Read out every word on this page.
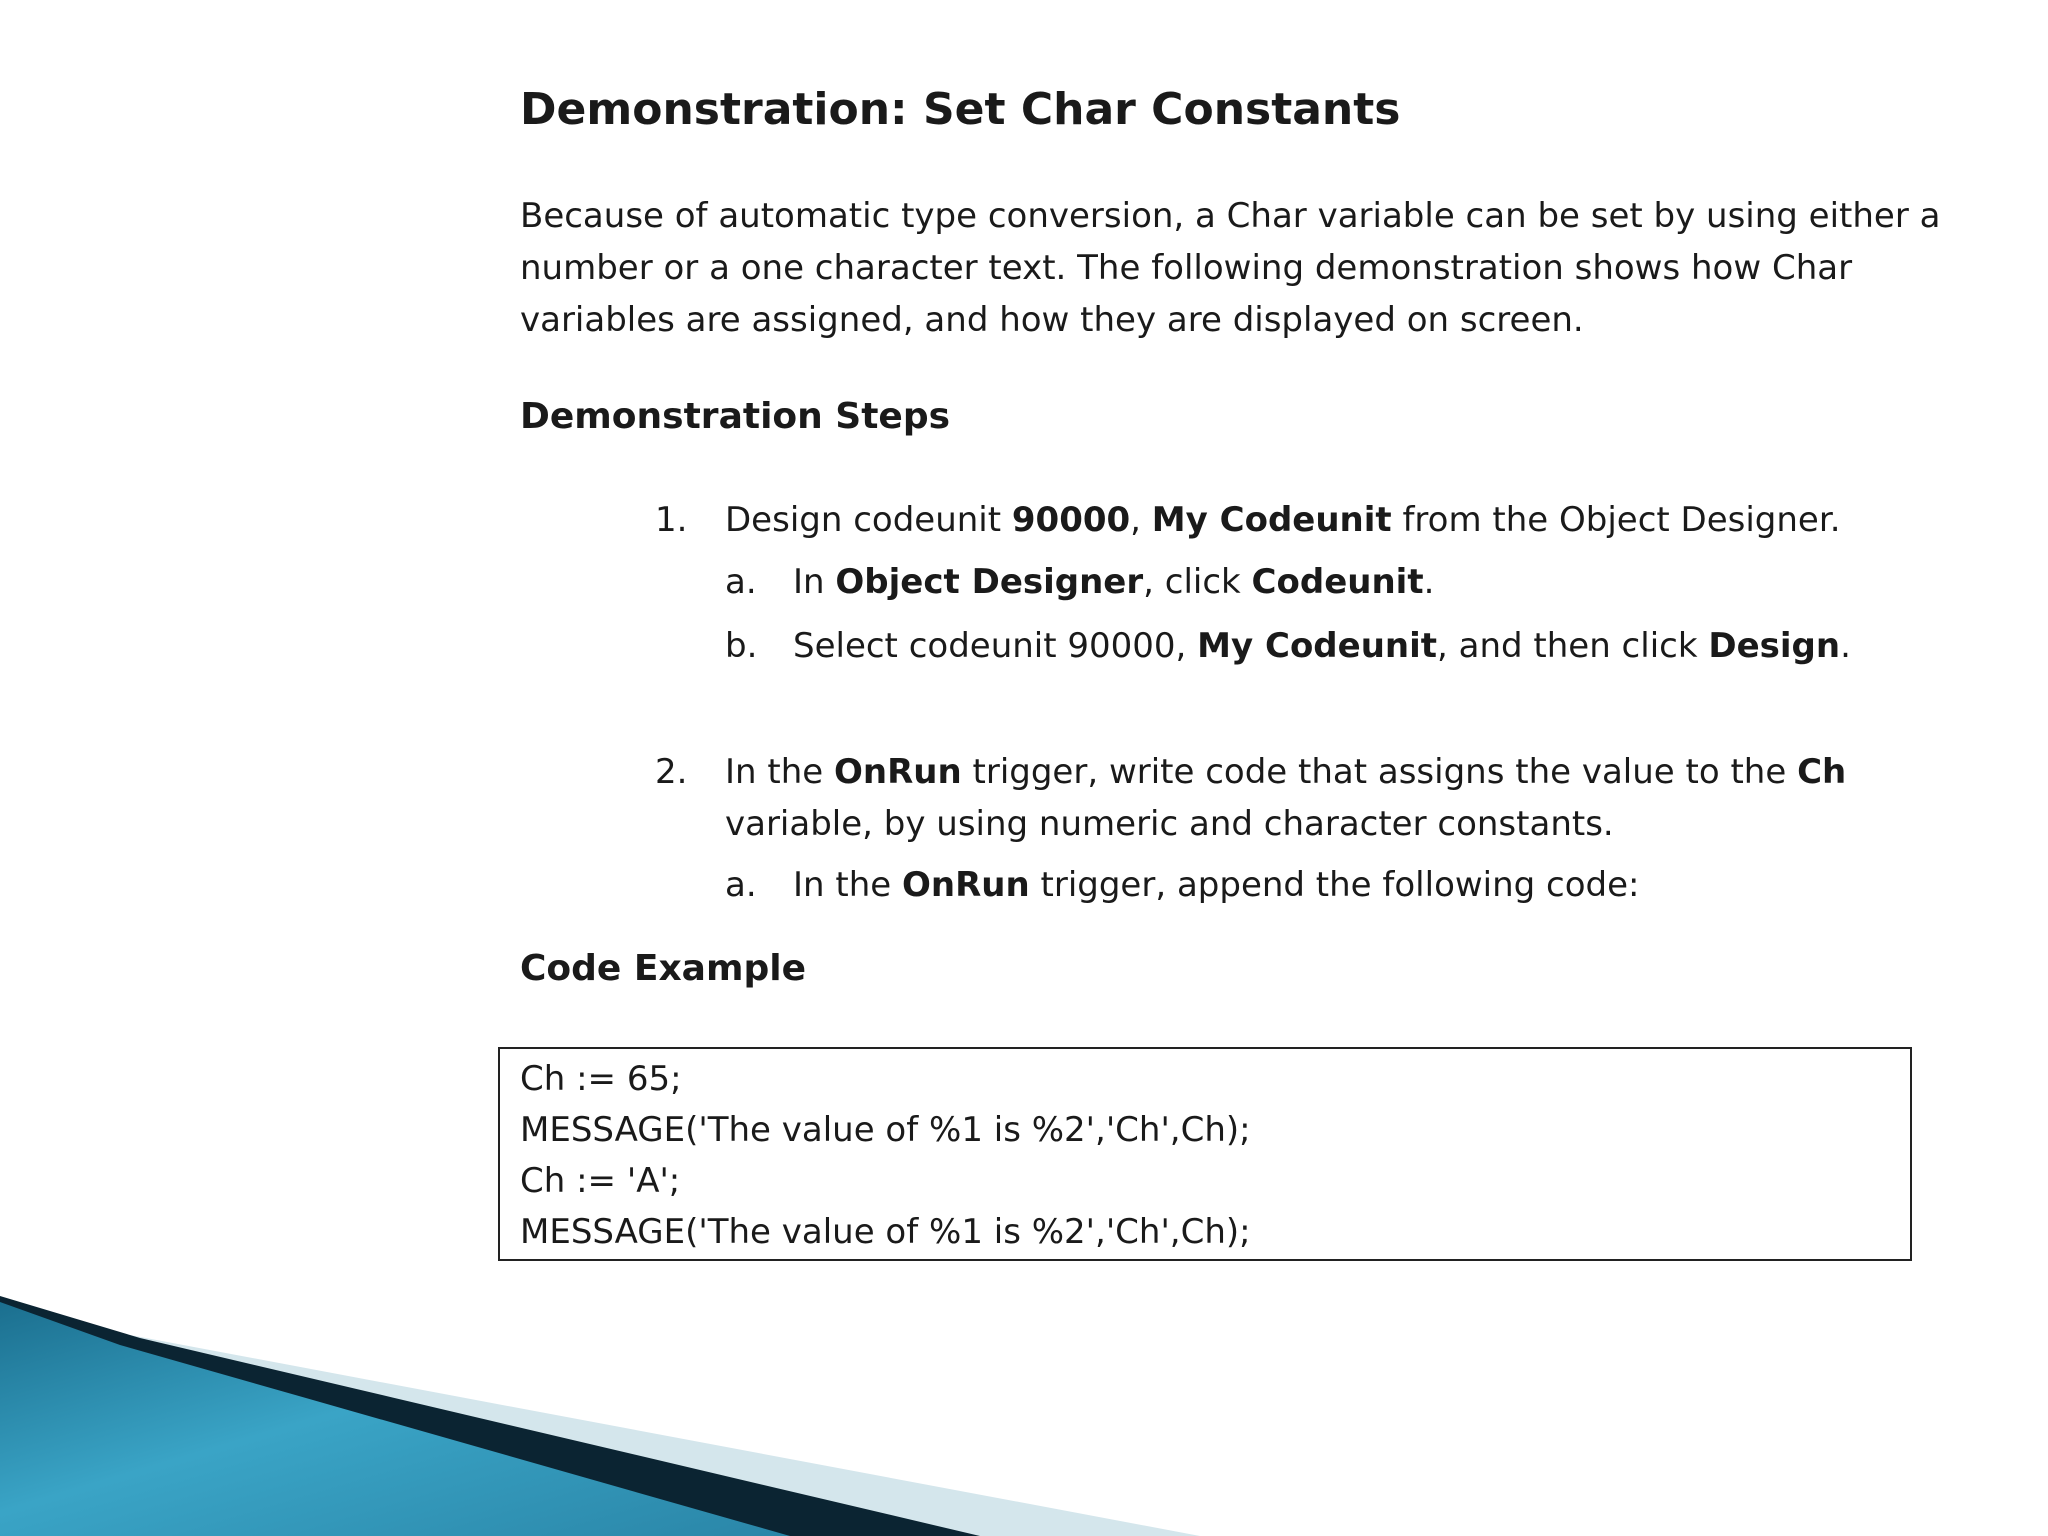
Demonstration: Set Char Constants

Because of automatic type conversion, a Char variable can be set by using either a
number or a one character text. The following demonstration shows how Char
variables are assigned, and how they are displayed on screen.

Demonstration Steps
1. Design codeunit 90000, My Codeunit from the Object Designer.
a. In Object Designer, click Codeunit.
b. Select codeunit 90000, My Codeunit, and then click Design.
2. In the OnRun trigger, write code that assigns the value to the Ch
variable, by using numeric and character constants.
a. In the OnRun trigger, append the following code:
Code Example
Ch := 65;
MESSAGE('The value of %1 is %2','Ch',Ch);
Ch := 'A';
MESSAGE('The value of %1 is %2','Ch',Ch);
